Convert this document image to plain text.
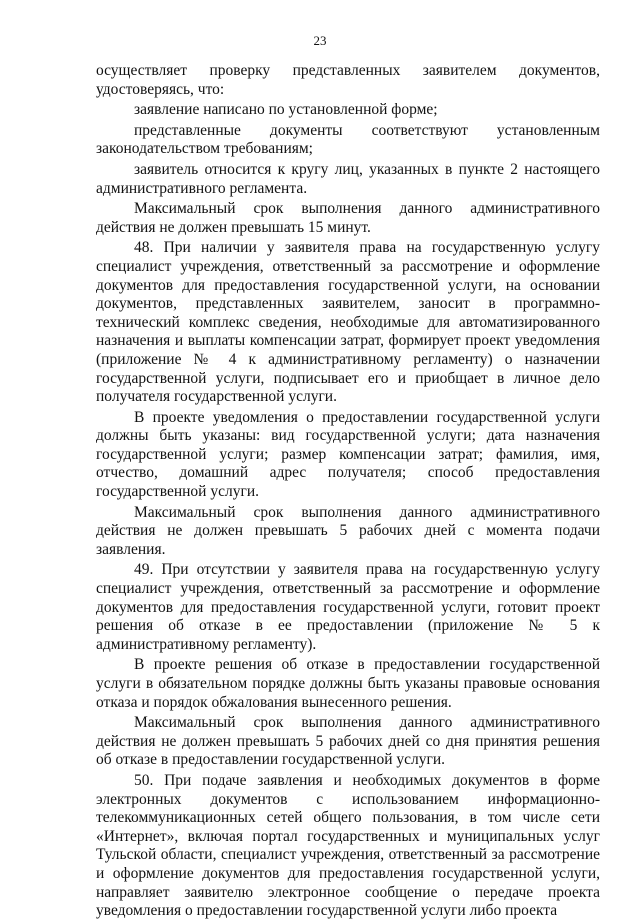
23

осуществляет проверку представленных заявителем документов, удостоверяясь, что:

заявление написано по установленной форме;

представленные документы соответствуют установленным законодательством требованиям;

заявитель относится к кругу лиц, указанных в пункте 2 настоящего административного регламента.

Максимальный срок выполнения данного административного действия не должен превышать 15 минут.

48. При наличии у заявителя права на государственную услугу специалист учреждения, ответственный за рассмотрение и оформление документов для предоставления государственной услуги, на основании документов, представленных заявителем, заносит в программно-технический комплекс сведения, необходимые для автоматизированного назначения и выплаты компенсации затрат, формирует проект уведомления (приложение № 4 к административному регламенту) о назначении государственной услуги, подписывает его и приобщает в личное дело получателя государственной услуги.

В проекте уведомления о предоставлении государственной услуги должны быть указаны: вид государственной услуги; дата назначения государственной услуги; размер компенсации затрат; фамилия, имя, отчество, домашний адрес получателя; способ предоставления государственной услуги.

Максимальный срок выполнения данного административного действия не должен превышать 5 рабочих дней с момента подачи заявления.

49. При отсутствии у заявителя права на государственную услугу специалист учреждения, ответственный за рассмотрение и оформление документов для предоставления государственной услуги, готовит проект решения об отказе в ее предоставлении (приложение № 5 к административному регламенту).

В проекте решения об отказе в предоставлении государственной услуги в обязательном порядке должны быть указаны правовые основания отказа и порядок обжалования вынесенного решения.

Максимальный срок выполнения данного административного действия не должен превышать 5 рабочих дней со дня принятия решения об отказе в предоставлении государственной услуги.

50. При подаче заявления и необходимых документов в форме электронных документов с использованием информационно-телекоммуникационных сетей общего пользования, в том числе сети «Интернет», включая портал государственных и муниципальных услуг Тульской области, специалист учреждения, ответственный за рассмотрение и оформление документов для предоставления государственной услуги, направляет заявителю электронное сообщение о передаче проекта уведомления о предоставлении государственной услуги либо проекта
